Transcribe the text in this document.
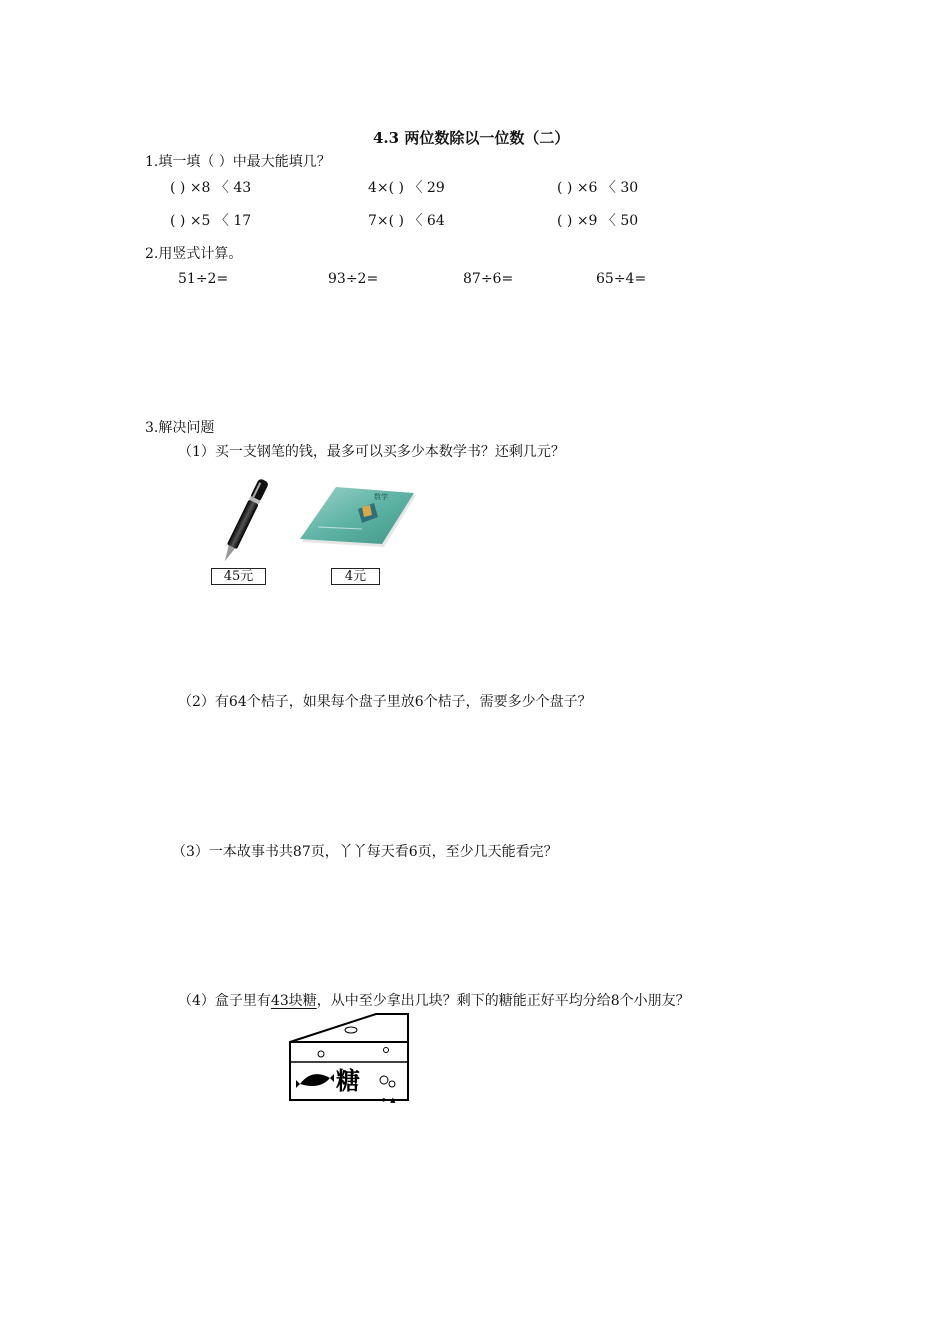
4.3 两位数除以一位数（二）
1.填一填（ ）中最大能填几？
( ) ×8 〈 43	4×( ) 〈 29	( ) ×6 〈 30
( ) ×5 〈 17	7×( ) 〈 64	( ) ×9 〈 50
2.用竖式计算。
51÷2=	93÷2=	87÷6=	65÷4=
3.解决问题
（1）买一支钢笔的钱，最多可以买多少本数学书？还剩几元？
数学
45元	4元
（2）有64个桔子，如果每个盘子里放6个桔子，需要多少个盘子？
（3）一本故事书共87页，丫丫每天看6页，至少几天能看完？
（4）盒子里有43块糖，从中至少拿出几块？剩下的糖能正好平均分给8个小朋友？
糖
⊳ ▲
